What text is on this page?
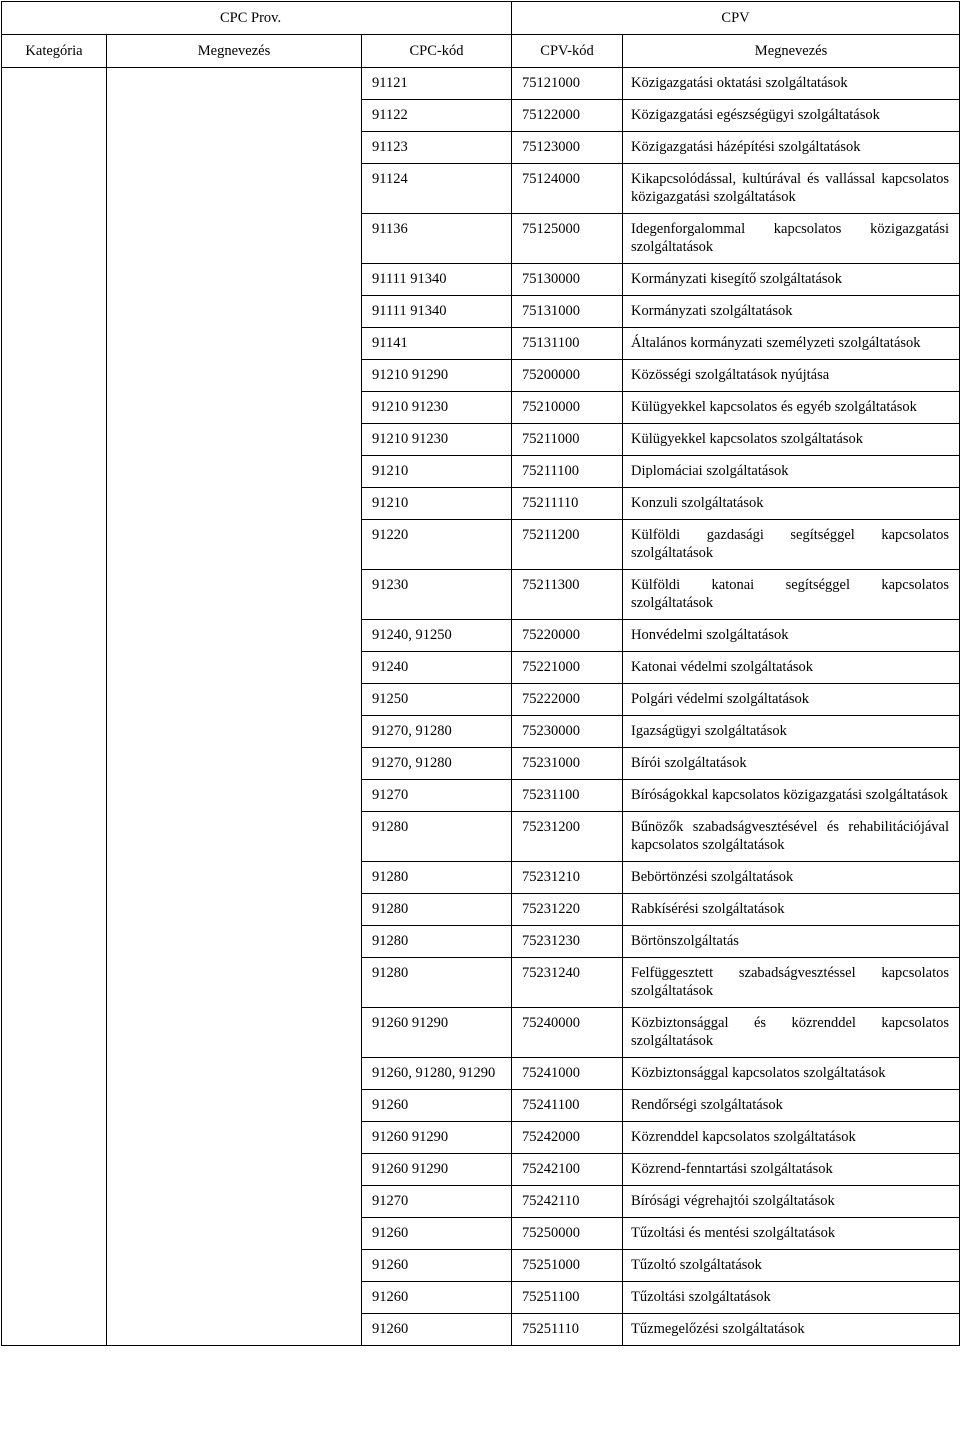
CPC Prov.			CPV	
Kategória	Megnevezés	CPC-kód	CPV-kód	Megnevezés
		91121	75121000	Közigazgatási oktatási szolgáltatások
		91122	75122000	Közigazgatási egészségügyi szolgáltatások
		91123	75123000	Közigazgatási házépítési szolgáltatások
		91124	75124000	Kikapcsolódással, kultúrával és vallással kapcsolatos közigazgatási szolgáltatások
		91136	75125000	Idegenforgalommal kapcsolatos közigazgatási szolgáltatások
		91111 91340	75130000	Kormányzati kisegítő szolgáltatások
		91111 91340	75131000	Kormányzati szolgáltatások
		91141	75131100	Általános kormányzati személyzeti szolgáltatások
		91210 91290	75200000	Közösségi szolgáltatások nyújtása
		91210 91230	75210000	Külügyekkel kapcsolatos és egyéb szolgáltatások
		91210 91230	75211000	Külügyekkel kapcsolatos szolgáltatások
		91210	75211100	Diplomáciai szolgáltatások
		91210	75211110	Konzuli szolgáltatások
		91220	75211200	Külföldi gazdasági segítséggel kapcsolatos szolgáltatások
		91230	75211300	Külföldi katonai segítséggel kapcsolatos szolgáltatások
		91240, 91250	75220000	Honvédelmi szolgáltatások
		91240	75221000	Katonai védelmi szolgáltatások
		91250	75222000	Polgári védelmi szolgáltatások
		91270, 91280	75230000	Igazságügyi szolgáltatások
		91270, 91280	75231000	Bírói szolgáltatások
		91270	75231100	Bíróságokkal kapcsolatos közigazgatási szolgáltatások
		91280	75231200	Bűnözők szabadságvesztésével és rehabilitációjával kapcsolatos szolgáltatások
		91280	75231210	Bebörtönzési szolgáltatások
		91280	75231220	Rabkísérési szolgáltatások
		91280	75231230	Börtönszolgáltatás
		91280	75231240	Felfüggesztett szabadságvesztéssel kapcsolatos szolgáltatások
		91260 91290	75240000	Közbiztonsággal és közrenddel kapcsolatos szolgáltatások
		91260, 91280, 91290	75241000	Közbiztonsággal kapcsolatos szolgáltatások
		91260	75241100	Rendőrségi szolgáltatások
		91260 91290	75242000	Közrenddel kapcsolatos szolgáltatások
		91260 91290	75242100	Közrend-fenntartási szolgáltatások
		91270	75242110	Bírósági végrehajtói szolgáltatások
		91260	75250000	Tűzoltási és mentési szolgáltatások
		91260	75251000	Tűzoltó szolgáltatások
		91260	75251100	Tűzoltási szolgáltatások
		91260	75251110	Tűzmegelőzési szolgáltatások
